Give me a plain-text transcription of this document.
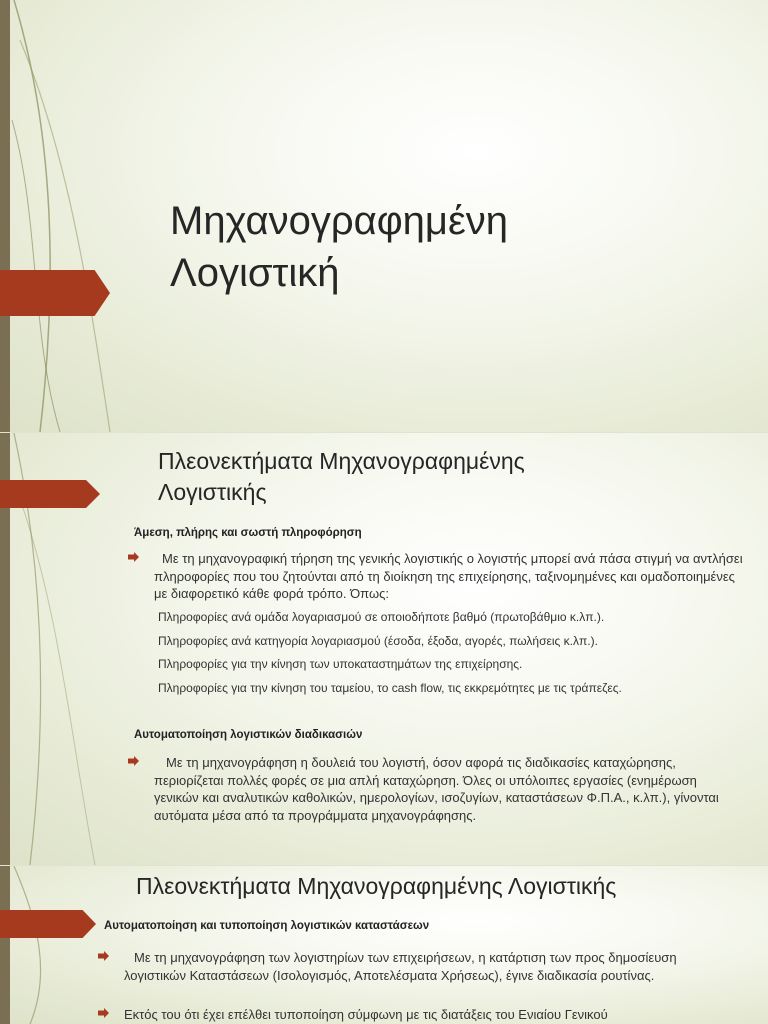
Μηχανογραφημένη
Λογιστική
Πλεονεκτήματα Μηχανογραφημένης
Λογιστικής
Άμεση, πλήρης και σωστή πληροφόρηση
Με τη μηχανογραφική τήρηση της γενικής λογιστικής ο λογιστής μπορεί ανά πάσα στιγμή να αντλήσει πληροφορίες που του ζητούνται από τη διοίκηση της επιχείρησης, ταξινομημένες και ομαδοποιημένες με διαφορετικό κάθε φορά τρόπο. Όπως:
Πληροφορίες ανά ομάδα λογαριασμού σε οποιοδήποτε βαθμό (πρωτοβάθμιο κ.λπ.).
Πληροφορίες ανά κατηγορία λογαριασμού (έσοδα, έξοδα, αγορές, πωλήσεις κ.λπ.).
Πληροφορίες για την κίνηση των υποκαταστημάτων της επιχείρησης.
Πληροφορίες για την κίνηση του ταμείου, το cash flow, τις εκκρεμότητες με τις τράπεζες.
Αυτοματοποίηση λογιστικών διαδικασιών
Με τη μηχανογράφηση η δουλειά του λογιστή, όσον αφορά τις διαδικασίες καταχώρησης, περιορίζεται πολλές φορές σε μια απλή καταχώρηση. Όλες οι υπόλοιπες εργασίες (ενημέρωση γενικών και αναλυτικών καθολικών, ημερολογίων, ισοζυγίων, καταστάσεων Φ.Π.Α., κ.λπ.), γίνονται αυτόματα μέσα από τα προγράμματα μηχανογράφησης.
Πλεονεκτήματα Μηχανογραφημένης Λογιστικής
Αυτοματοποίηση και τυποποίηση λογιστικών καταστάσεων
Με τη μηχανογράφηση των λογιστηρίων των επιχειρήσεων, η κατάρτιση των προς δημοσίευση λογιστικών Καταστάσεων (Ισολογισμός, Αποτελέσματα Χρήσεως), έγινε διαδικασία ρουτίνας.
Εκτός του ότι έχει επέλθει τυποποίηση σύμφωνη με τις διατάξεις του Ενιαίου Γενικού
